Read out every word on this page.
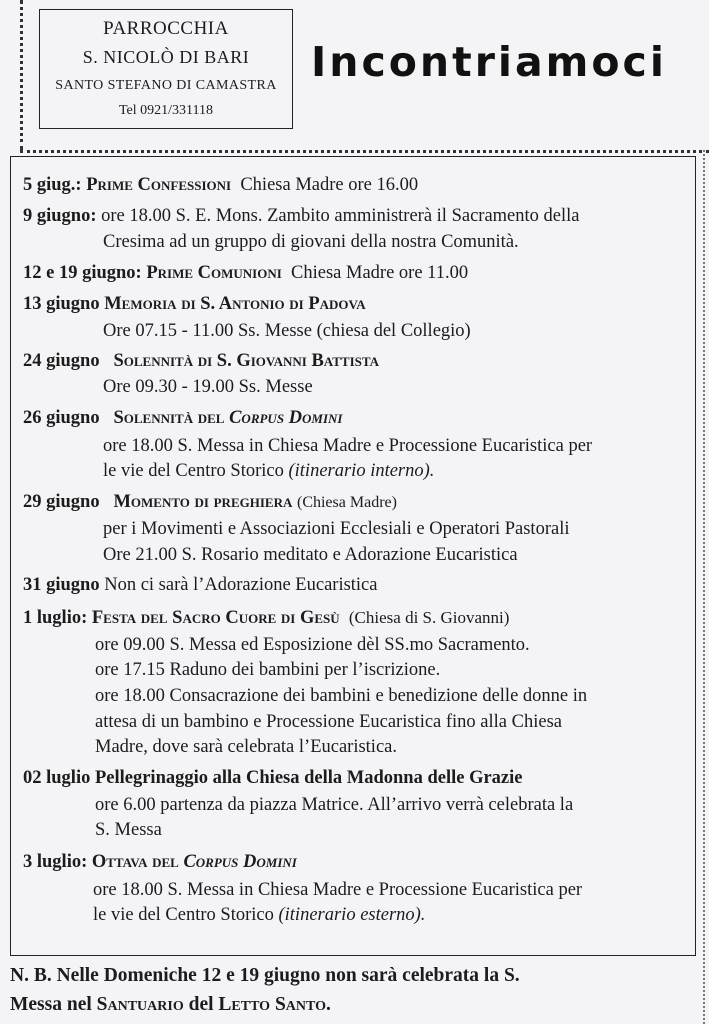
PARROCCHIA
S. NICOLÒ DI BARI
SANTO STEFANO DI CAMASTRA
Tel 0921/331118
Incontriamoci
5 giug.: Prime Confessioni Chiesa Madre ore 16.00
9 giugno: ore 18.00 S. E. Mons. Zambito amministrerà il Sacramento della
Cresima ad un gruppo di giovani della nostra Comunità.
12 e 19 giugno: Prime Comunioni Chiesa Madre ore 11.00
13 giugno Memoria di S. Antonio di Padova
Ore 07.15 - 11.00 Ss. Messe (chiesa del Collegio)
24 giugno Solennità di S. Giovanni Battista
Ore 09.30 - 19.00 Ss. Messe
26 giugno Solennità del Corpus Domini
ore 18.00 S. Messa in Chiesa Madre e Processione Eucaristica per
le vie del Centro Storico (itinerario interno).
29 giugno Momento di preghiera (Chiesa Madre)
per i Movimenti e Associazioni Ecclesiali e Operatori Pastorali
Ore 21.00 S. Rosario meditato e Adorazione Eucaristica
31 giugno Non ci sarà l’Adorazione Eucaristica
1 luglio: Festa del Sacro Cuore di Gesù (Chiesa di S. Giovanni)
ore 09.00 S. Messa ed Esposizione dèl SS.mo Sacramento.
ore 17.15 Raduno dei bambini per l’iscrizione.
ore 18.00 Consacrazione dei bambini e benedizione delle donne in
attesa di un bambino e Processione Eucaristica fino alla Chiesa
Madre, dove sarà celebrata l’Eucaristica.
02 luglio Pellegrinaggio alla Chiesa della Madonna delle Grazie
ore 6.00 partenza da piazza Matrice. All’arrivo verrà celebrata la
S. Messa
3 luglio: Ottava del Corpus Domini
ore 18.00 S. Messa in Chiesa Madre e Processione Eucaristica per
le vie del Centro Storico (itinerario esterno).
N. B. Nelle Domeniche 12 e 19 giugno non sarà celebrata la S.
Messa nel Santuario del Letto Santo.
